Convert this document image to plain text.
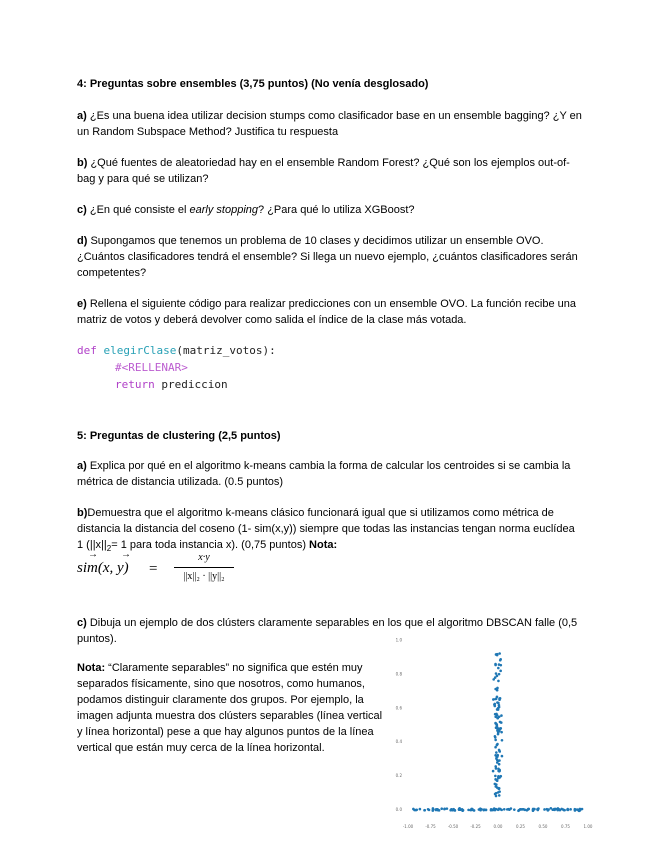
4: Preguntas sobre ensembles (3,75 puntos) (No venía desglosado)
a) ¿Es una buena idea utilizar decision stumps como clasificador base en un ensemble bagging? ¿Y en un Random Subspace Method? Justifica tu respuesta
b) ¿Qué fuentes de aleatoriedad hay en el ensemble Random Forest? ¿Qué son los ejemplos out-of-bag y para qué se utilizan?
c) ¿En qué consiste el early stopping? ¿Para qué lo utiliza XGBoost?
d) Supongamos que tenemos un problema de 10 clases y decidimos utilizar un ensemble OVO. ¿Cuántos clasificadores tendrá el ensemble? Si llega un nuevo ejemplo, ¿cuántos clasificadores serán competentes?
e) Rellena el siguiente código para realizar predicciones con un ensemble OVO. La función recibe una matriz de votos y deberá devolver como salida el índice de la clase más votada.
def elegirClase(matriz_votos):
#<RELLENAR>
return prediccion
5: Preguntas de clustering (2,5 puntos)
a) Explica por qué en el algoritmo k-means cambia la forma de calcular los centroides si se cambia la métrica de distancia utilizada. (0.5 puntos)
b)Demuestra que el algoritmo k-means clásico funcionará igual que si utilizamos como métrica de distancia la distancia del coseno (1- sim(x,y)) siempre que todas las instancias tengan norma euclídea 1 ($||x||_2= 1$ para toda instancia x). (0,75 puntos) Nota:
sim(x, y)
→ →
=
x·y
||x||₂ · ||y||₂
c) Dibuja un ejemplo de dos clústers claramente separables en los que el algoritmo DBSCAN falle (0,5 puntos).
Nota: “Claramente separables” no significa que estén muy separados físicamente, sino que nosotros, como humanos, podamos distinguir claramente dos grupos. Por ejemplo, la imagen adjunta muestra dos clústers separables (línea vertical y línea horizontal) pese a que hay algunos puntos de la línea vertical que están muy cerca de la línea horizontal.
0.0
0.2
0.4
0.6
0.8
1.0
-1.00	-0.75	-0.50	-0.25	0.00	0.25	0.50	0.75	1.00
